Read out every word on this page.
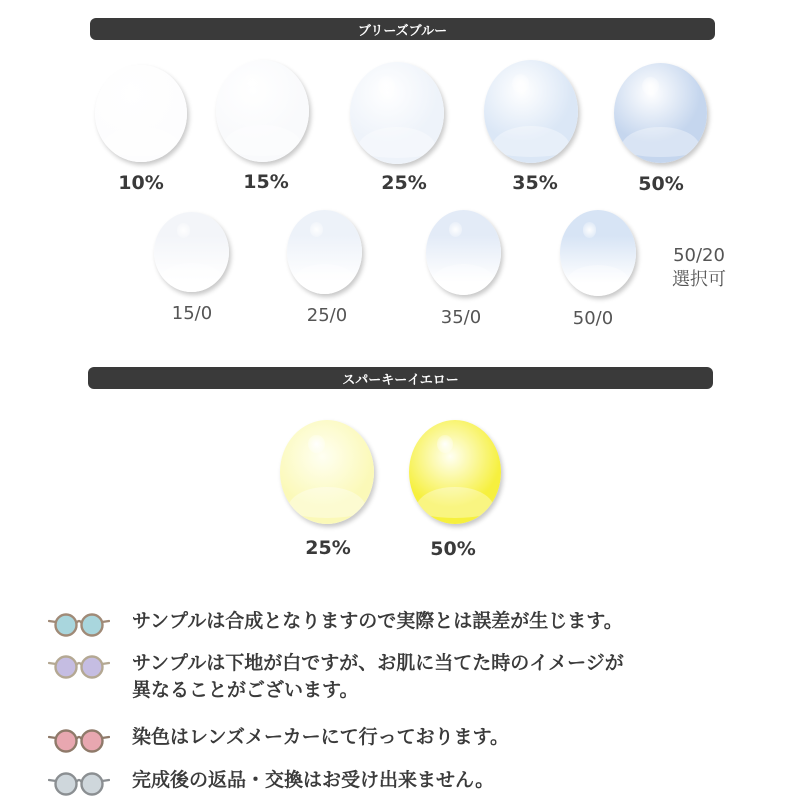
ブリーズブルー
10%	15%	25%	35%	50%
15/0	25/0	35/0	50/0
50/20
選択可
スパーキーイエロー
25%	50%
サンプルは合成となりますので実際とは誤差が生じます。
サンプルは下地が白ですが、お肌に当てた時のイメージが
異なることがございます。
染色はレンズメーカーにて行っております。
完成後の返品・交換はお受け出来ません。
